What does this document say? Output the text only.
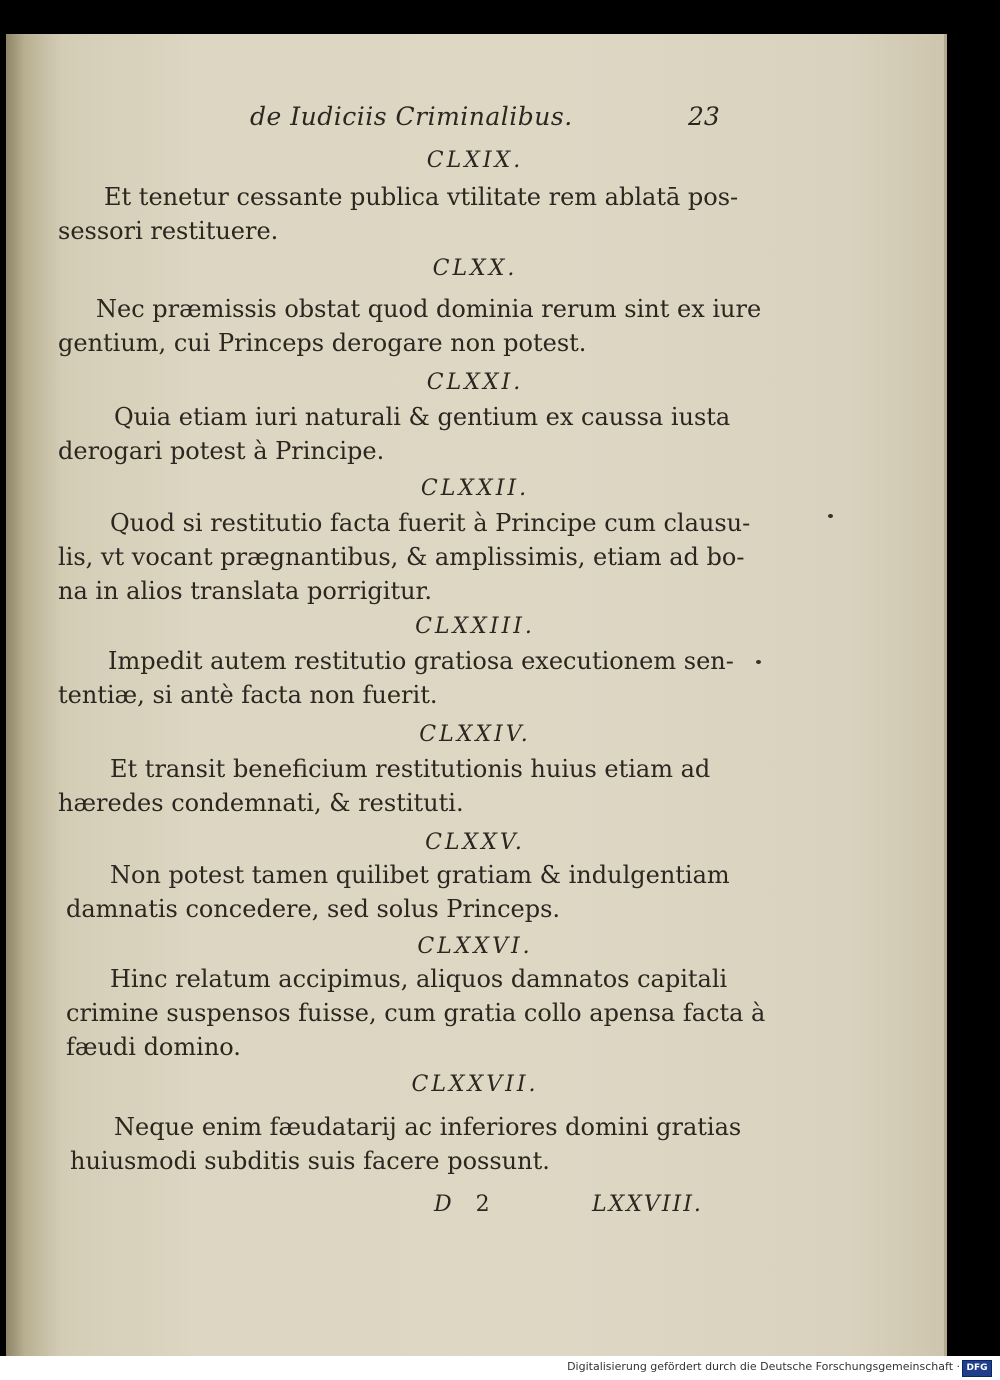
de Iudiciis Criminalibus.	23
CLXIX.
Et tenetur cessante publica vtilitate rem ablatā pos-
sessori restituere.
CLXX.
Nec præmissis obstat quod dominia rerum sint ex iure
gentium, cui Princeps derogare non potest.
CLXXI.
Quia etiam iuri naturali & gentium ex caussa iusta
derogari potest à Principe.
CLXXII.
Quod si restitutio facta fuerit à Principe cum clausu-
lis, vt vocant prægnantibus, & amplissimis, etiam ad bo-
na in alios translata porrigitur.
CLXXIII.
Impedit autem restitutio gratiosa executionem sen-
tentiæ, si antè facta non fuerit.
CLXXIV.
Et transit beneficium restitutionis huius etiam ad
hæredes condemnati, & restituti.
CLXXV.
Non potest tamen quilibet gratiam & indulgentiam
damnatis concedere, sed solus Princeps.
CLXXVI.
Hinc relatum accipimus, aliquos damnatos capitali
crimine suspensos fuisse, cum gratia collo apensa facta à
fæudi domino.
CLXXVII.
Neque enim fæudatarij ac inferiores domini gratias
huiusmodi subditis suis facere possunt.
D 2	LXXVIII.
Digitalisierung gefördert durch die Deutsche Forschungsgemeinschaft · DFG
